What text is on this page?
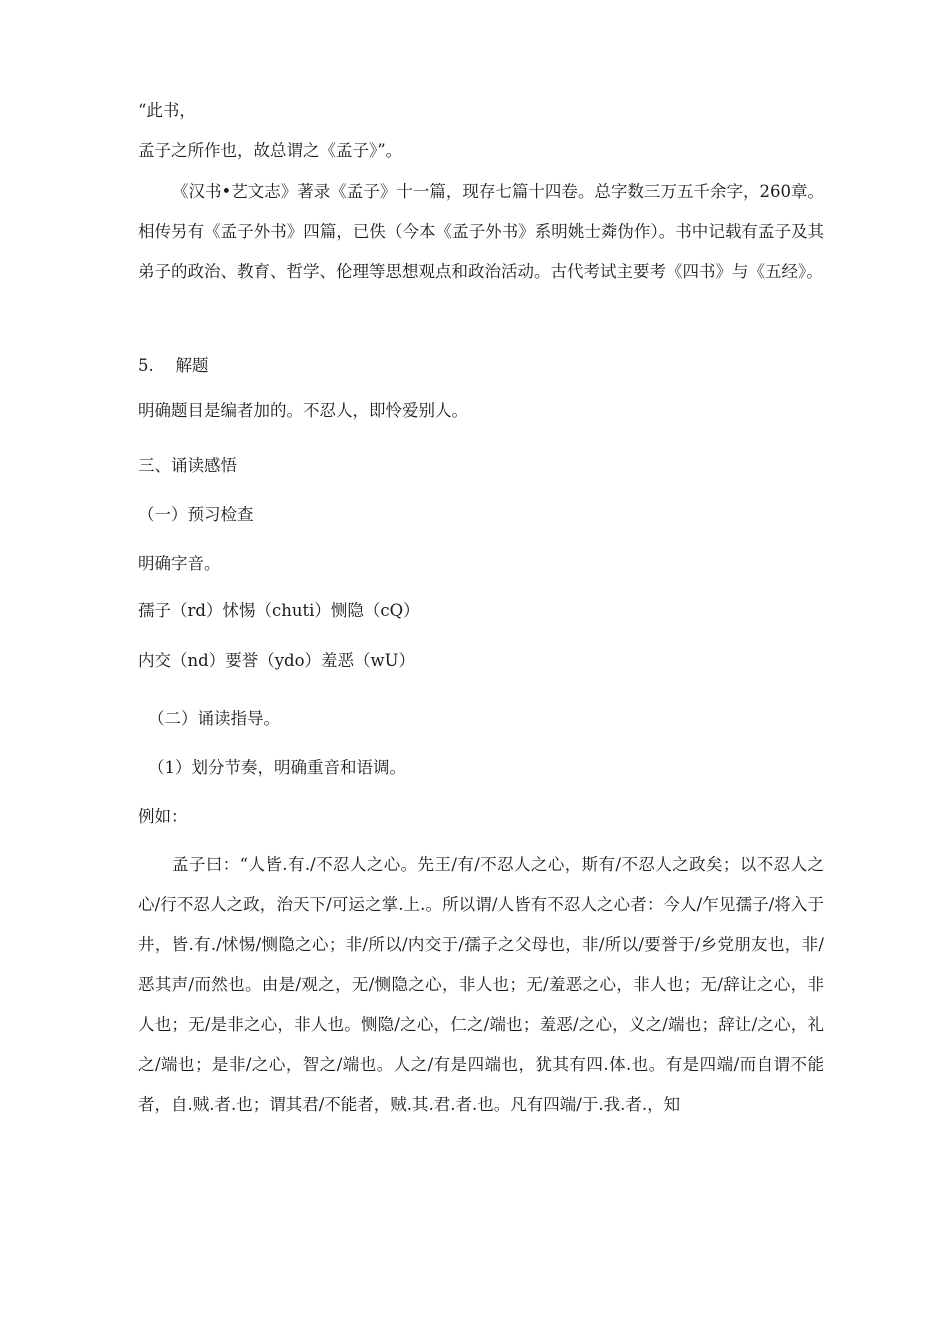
“此书，
孟子之所作也，故总谓之《孟子》”。
《汉书•艺文志》著录《孟子》十一篇，现存七篇十四卷。总字数三万五千余字，260章。相传另有《孟子外书》四篇，已佚（今本《孟子外书》系明姚士粦伪作）。书中记载有孟子及其弟子的政治、教育、哲学、伦理等思想观点和政治活动。古代考试主要考《四书》与《五经》。
5.　 解题
明确题目是编者加的。不忍人，即怜爱别人。
三、诵读感悟
（一）预习检查
明确字音。
孺子（rd）怵惕（chuti）恻隐（cQ）
内交（nd）要誉（ydo）羞恶（wU）
（二）诵读指导。
（1）划分节奏，明确重音和语调。
例如：
孟子曰：“人皆.有./不忍人之心。先王/有/不忍人之心，斯有/不忍人之政矣；以不忍人之心/行不忍人之政，治天下/可运之掌.上.。所以谓/人皆有不忍人之心者：今人/乍见孺子/将入于井，皆.有./怵惕/恻隐之心；非/所以/内交于/孺子之父母也，非/所以/要誉于/乡党朋友也，非/恶其声/而然也。由是/观之，无/恻隐之心，非人也；无/羞恶之心，非人也；无/辞让之心，非人也；无/是非之心，非人也。恻隐/之心，仁之/端也；羞恶/之心，义之/端也；辞让/之心，礼之/端也；是非/之心，智之/端也。人之/有是四端也，犹其有四.体.也。有是四端/而自谓不能者，自.贼.者.也；谓其君/不能者，贼.其.君.者.也。凡有四端/于.我.者.，知
